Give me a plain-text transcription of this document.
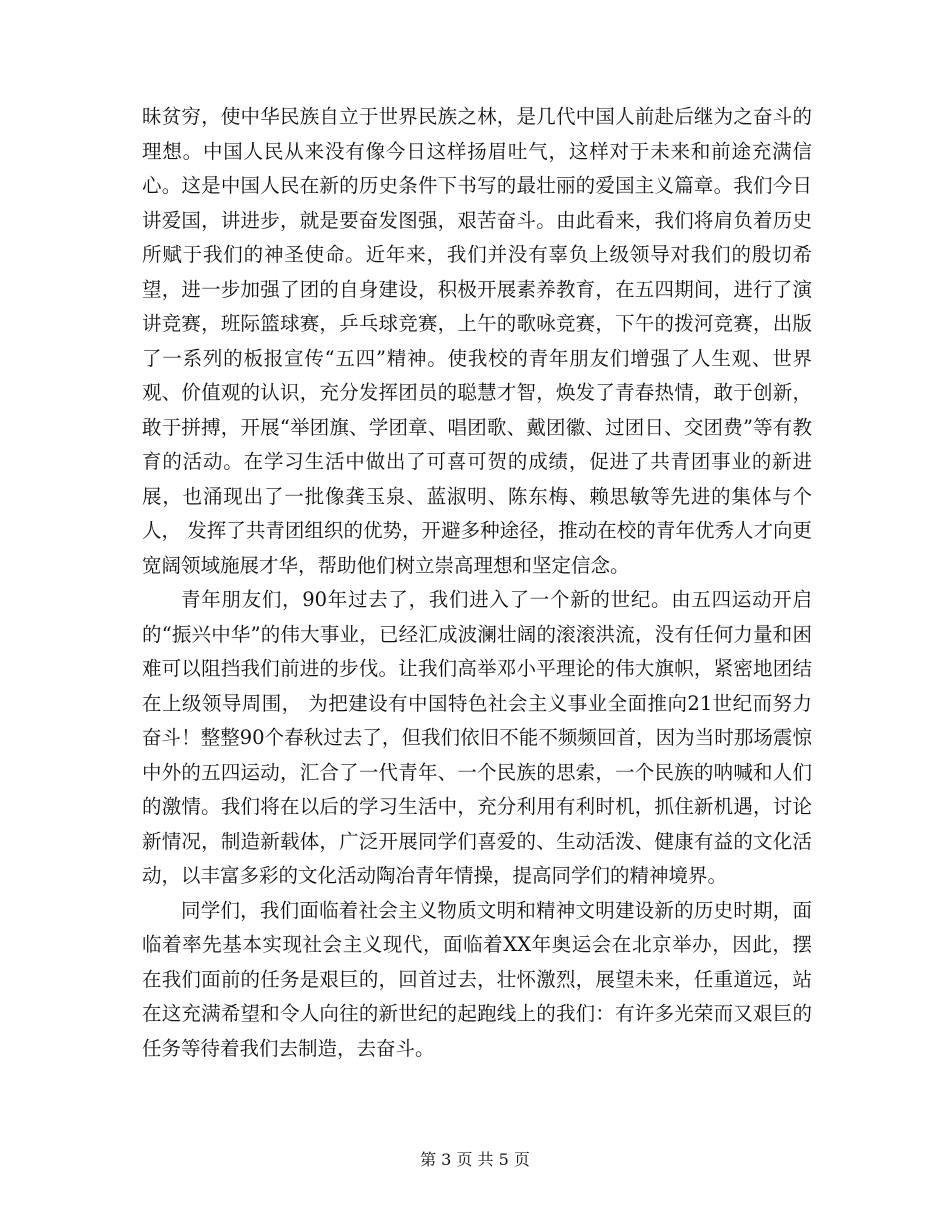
昧贫穷，使中华民族自立于世界民族之林，是几代中国人前赴后继为之奋斗的理想。中国人民从来没有像今日这样扬眉吐气，这样对于未来和前途充满信心。这是中国人民在新的历史条件下书写的最壮丽的爱国主义篇章。我们今日讲爱国，讲进步，就是要奋发图强，艰苦奋斗。由此看来，我们将肩负着历史所赋于我们的神圣使命。近年来，我们并没有辜负上级领导对我们的殷切希望，进一步加强了团的自身建设，积极开展素养教育，在五四期间，进行了演讲竞赛，班际篮球赛，乒乓球竞赛，上午的歌咏竞赛，下午的拨河竞赛，出版了一系列的板报宣传“五四”精神。使我校的青年朋友们增强了人生观、世界观、价值观的认识，充分发挥团员的聪慧才智，焕发了青春热情，敢于创新，敢于拼搏，开展“举团旗、学团章、唱团歌、戴团徽、过团日、交团费”等有教育的活动。在学习生活中做出了可喜可贺的成绩，促进了共青团事业的新进展，也涌现出了一批像龚玉泉、蓝淑明、陈东梅、赖思敏等先进的集体与个人， 发挥了共青团组织的优势，开避多种途径，推动在校的青年优秀人才向更宽阔领域施展才华，帮助他们树立崇高理想和坚定信念。

青年朋友们，90年过去了，我们进入了一个新的世纪。由五四运动开启的“振兴中华”的伟大事业，已经汇成波澜壮阔的滚滚洪流，没有任何力量和困难可以阻挡我们前进的步伐。让我们高举邓小平理论的伟大旗帜，紧密地团结在上级领导周围， 为把建设有中国特色社会主义事业全面推向21世纪而努力奋斗！整整90个春秋过去了，但我们依旧不能不频频回首，因为当时那场震惊中外的五四运动，汇合了一代青年、一个民族的思索，一个民族的呐喊和人们的激情。我们将在以后的学习生活中，充分利用有利时机，抓住新机遇，讨论新情况，制造新载体，广泛开展同学们喜爱的、生动活泼、健康有益的文化活动，以丰富多彩的文化活动陶冶青年情操，提高同学们的精神境界。

同学们，我们面临着社会主义物质文明和精神文明建设新的历史时期，面临着率先基本实现社会主义现代，面临着XX年奥运会在北京举办，因此，摆在我们面前的任务是艰巨的，回首过去，壮怀激烈，展望未来，任重道远，站在这充满希望和令人向往的新世纪的起跑线上的我们：有许多光荣而又艰巨的任务等待着我们去制造，去奋斗。

第 3 页 共 5 页
